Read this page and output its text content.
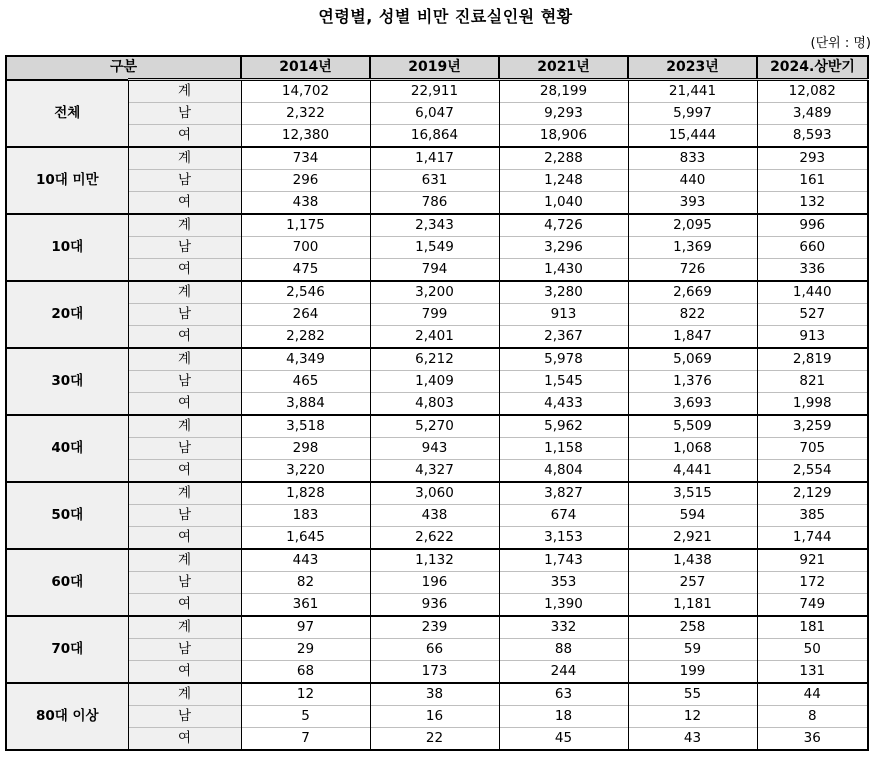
연령별, 성별 비만 진료실인원 현황
(단위 : 명)
구분		2014년	2019년	2021년	2023년	2024.상반기
전체	계	14,702	22,911	28,199	21,441	12,082
	남	2,322	6,047	9,293	5,997	3,489
	여	12,380	16,864	18,906	15,444	8,593
10대 미만	계	734	1,417	2,288	833	293
	남	296	631	1,248	440	161
	여	438	786	1,040	393	132
10대	계	1,175	2,343	4,726	2,095	996
	남	700	1,549	3,296	1,369	660
	여	475	794	1,430	726	336
20대	계	2,546	3,200	3,280	2,669	1,440
	남	264	799	913	822	527
	여	2,282	2,401	2,367	1,847	913
30대	계	4,349	6,212	5,978	5,069	2,819
	남	465	1,409	1,545	1,376	821
	여	3,884	4,803	4,433	3,693	1,998
40대	계	3,518	5,270	5,962	5,509	3,259
	남	298	943	1,158	1,068	705
	여	3,220	4,327	4,804	4,441	2,554
50대	계	1,828	3,060	3,827	3,515	2,129
	남	183	438	674	594	385
	여	1,645	2,622	3,153	2,921	1,744
60대	계	443	1,132	1,743	1,438	921
	남	82	196	353	257	172
	여	361	936	1,390	1,181	749
70대	계	97	239	332	258	181
	남	29	66	88	59	50
	여	68	173	244	199	131
80대 이상	계	12	38	63	55	44
	남	5	16	18	12	8
	여	7	22	45	43	36
